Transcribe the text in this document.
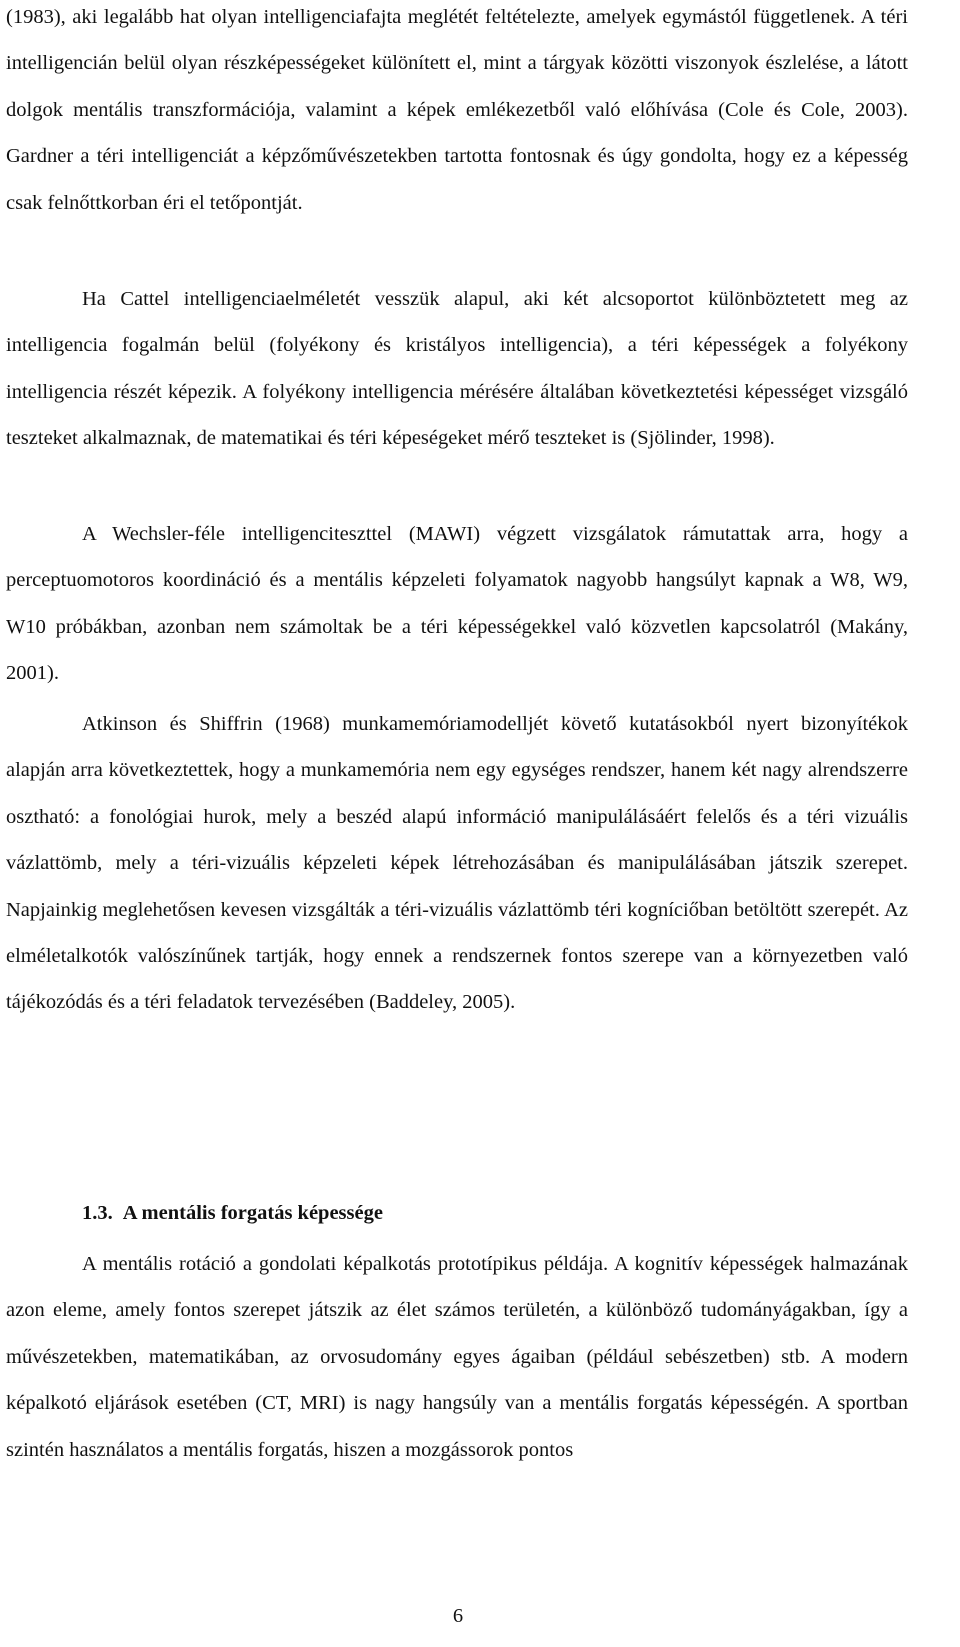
(1983), aki legalább hat olyan intelligenciafajta meglétét feltételezte, amelyek egymástól függetlenek. A téri intelligencián belül olyan részképességeket különített el, mint a tárgyak közötti viszonyok észlelése, a látott dolgok mentális transzformációja, valamint a képek emlékezetből való előhívása (Cole és Cole, 2003). Gardner a téri intelligenciát a képzőművészetekben tartotta fontosnak és úgy gondolta, hogy ez a képesség csak felnőttkorban éri el tetőpontját.

Ha Cattel intelligenciaelméletét vesszük alapul, aki két alcsoportot különböztetett meg az intelligencia fogalmán belül (folyékony és kristályos intelligencia), a téri képességek a folyékony intelligencia részét képezik. A folyékony intelligencia mérésére általában következtetési képességet vizsgáló teszteket alkalmaznak, de matematikai és téri képeségeket mérő teszteket is (Sjölinder, 1998).

A Wechsler-féle intelligenciteszttel (MAWI) végzett vizsgálatok rámutattak arra, hogy a perceptuomotoros koordináció és a mentális képzeleti folyamatok nagyobb hangsúlyt kapnak a W8, W9, W10 próbákban, azonban nem számoltak be a téri képességekkel való közvetlen kapcsolatról (Makány, 2001).

Atkinson és Shiffrin (1968) munkamemóriamodelljét követő kutatásokból nyert bizonyítékok alapján arra következtettek, hogy a munkamemória nem egy egységes rendszer, hanem két nagy alrendszerre osztható: a fonológiai hurok, mely a beszéd alapú információ manipulálásáért felelős és a téri vizuális vázlattömb, mely a téri-vizuális képzeleti képek létrehozásában és manipulálásában játszik szerepet. Napjainkig meglehetősen kevesen vizsgálták a téri-vizuális vázlattömb téri kogníciőban betöltött szerepét. Az elméletalkotók valószínűnek tartják, hogy ennek a rendszernek fontos szerepe van a környezetben való tájékozódás és a téri feladatok tervezésében (Baddeley, 2005).

1.3. A mentális forgatás képessége

A mentális rotáció a gondolati képalkotás prototípikus példája. A kognitív képességek halmazának azon eleme, amely fontos szerepet játszik az élet számos területén, a különböző tudományágakban, így a művészetekben, matematikában, az orvosudomány egyes ágaiban (például sebészetben) stb. A modern képalkotó eljárások esetében (CT, MRI) is nagy hangsúly van a mentális forgatás képességén. A sportban szintén használatos a mentális forgatás, hiszen a mozgássorok pontos

6
